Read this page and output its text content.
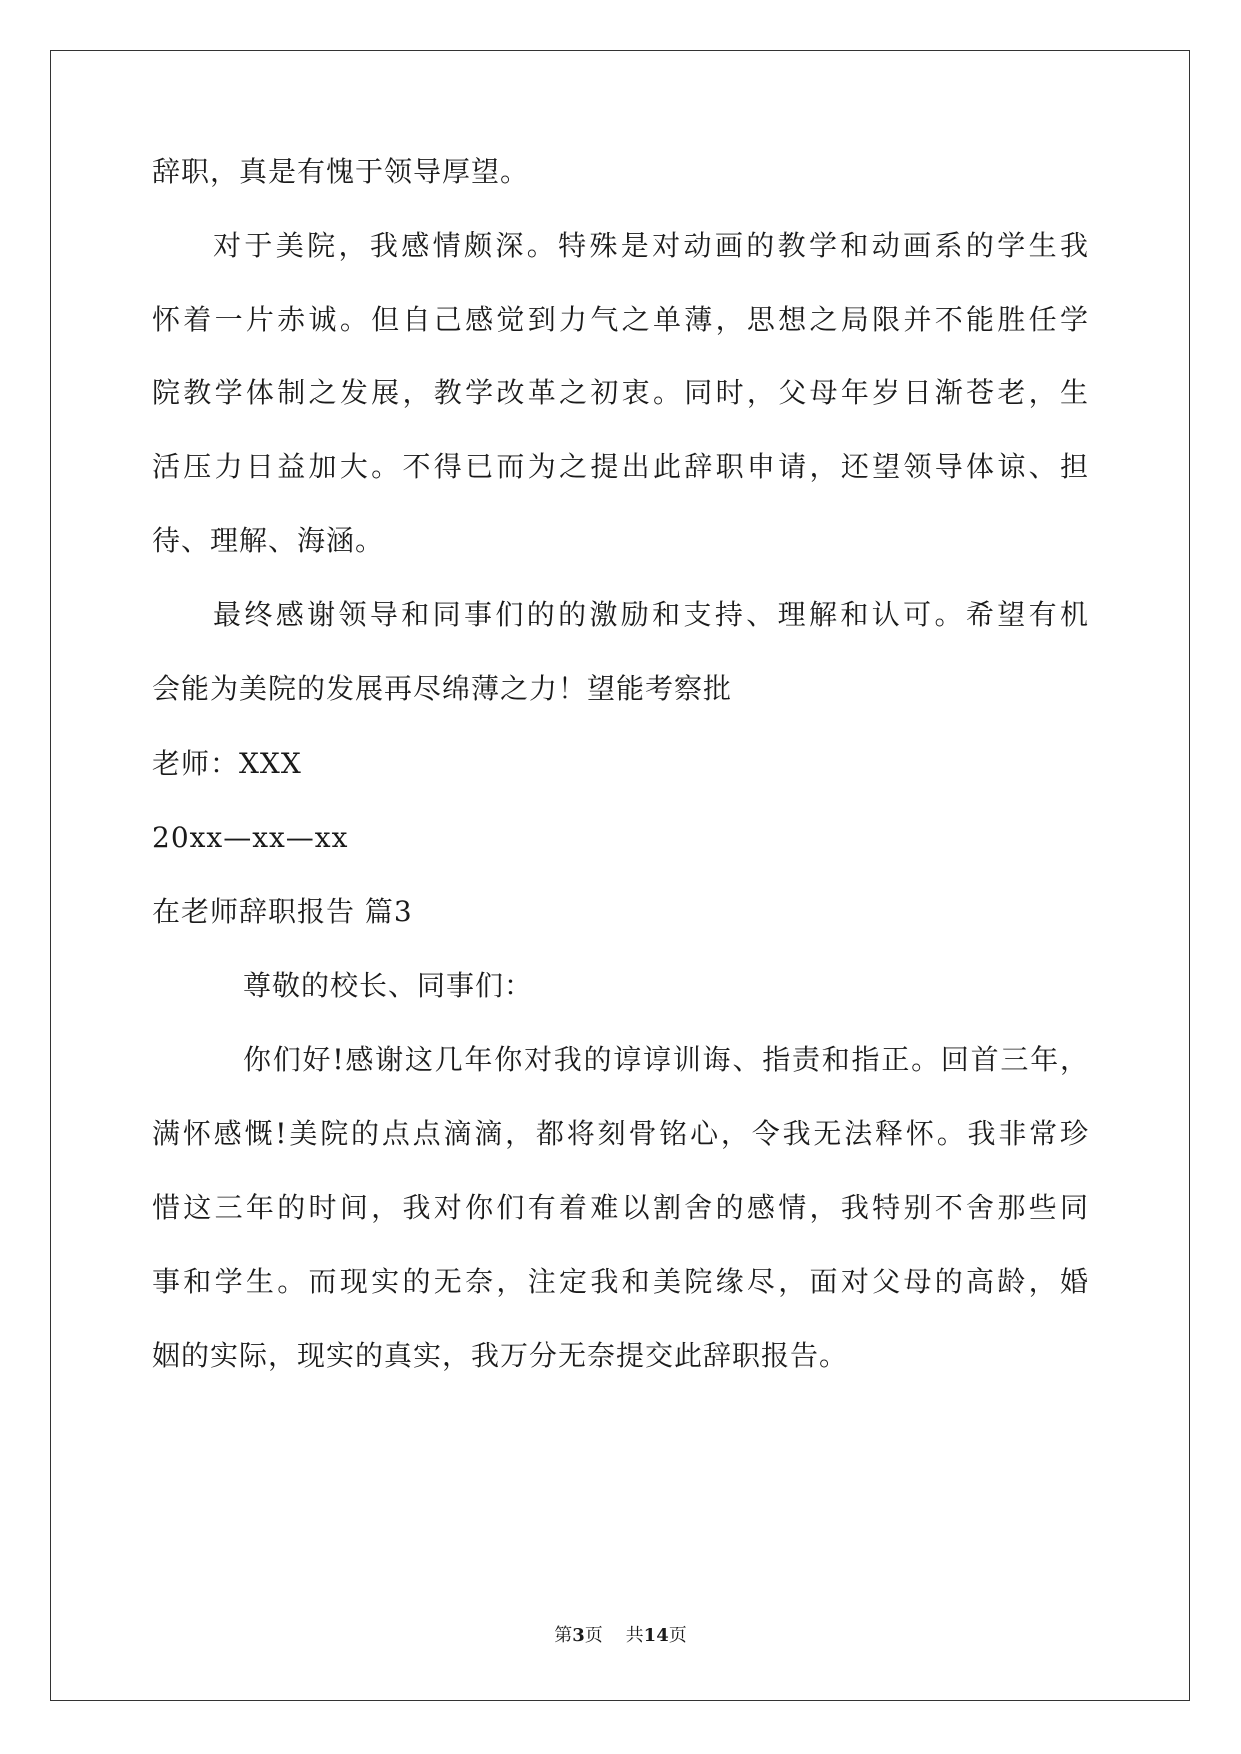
辞职，真是有愧于领导厚望。
对于美院，我感情颇深。特殊是对动画的教学和动画系的学生我
怀着一片赤诚。但自己感觉到力气之单薄，思想之局限并不能胜任学
院教学体制之发展，教学改革之初衷。同时，父母年岁日渐苍老，生
活压力日益加大。不得已而为之提出此辞职申请，还望领导体谅、担
待、理解、海涵。
最终感谢领导和同事们的的激励和支持、理解和认可。希望有机
会能为美院的发展再尽绵薄之力！望能考察批
老师：XXX
20xx—xx—xx
在老师辞职报告 篇3
尊敬的校长、同事们：
你们好!感谢这几年你对我的谆谆训诲、指责和指正。回首三年，
满怀感慨!美院的点点滴滴，都将刻骨铭心，令我无法释怀。我非常珍
惜这三年的时间，我对你们有着难以割舍的感情，我特别不舍那些同
事和学生。而现实的无奈，注定我和美院缘尽，面对父母的高龄，婚
姻的实际，现实的真实，我万分无奈提交此辞职报告。
第3页 共14页
